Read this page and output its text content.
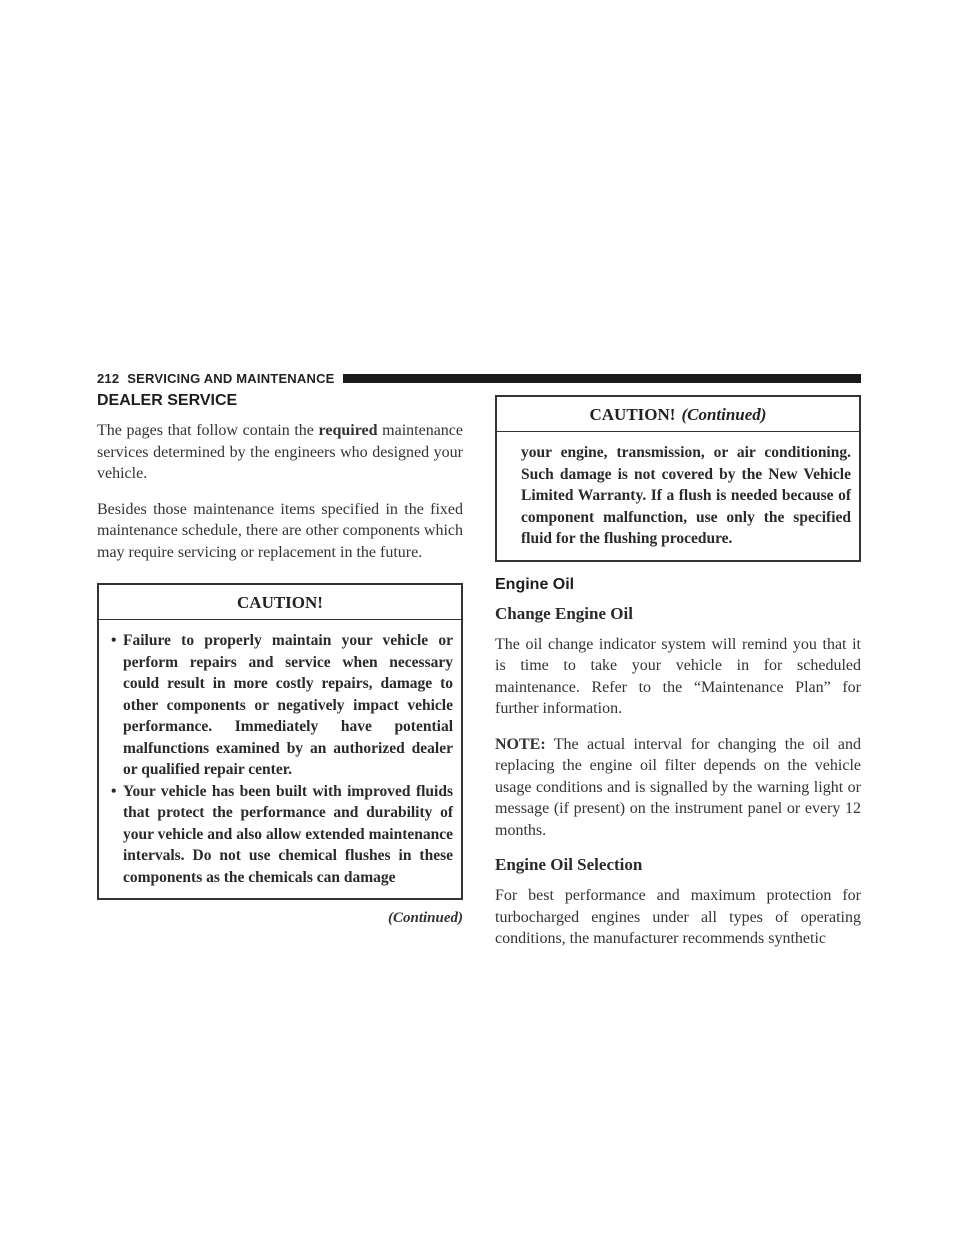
212 SERVICING AND MAINTENANCE
DEALER SERVICE

The pages that follow contain the required maintenance services determined by the engineers who designed your vehicle.

Besides those maintenance items specified in the fixed maintenance schedule, there are other components which may require servicing or replacement in the future.

CAUTION!
• Failure to properly maintain your vehicle or perform repairs and service when necessary could result in more costly repairs, damage to other components or negatively impact vehicle performance. Immediately have potential malfunctions examined by an authorized dealer or qualified repair center.
• Your vehicle has been built with improved fluids that protect the performance and durability of your vehicle and also allow extended maintenance intervals. Do not use chemical flushes in these components as the chemicals can damage
(Continued)
CAUTION! (Continued)
your engine, transmission, or air conditioning. Such damage is not covered by the New Vehicle Limited Warranty. If a flush is needed because of component malfunction, use only the specified fluid for the flushing procedure.
Engine Oil
Change Engine Oil

The oil change indicator system will remind you that it is time to take your vehicle in for scheduled maintenance. Refer to the “Maintenance Plan” for further information.

NOTE: The actual interval for changing the oil and replacing the engine oil filter depends on the vehicle usage conditions and is signalled by the warning light or message (if present) on the instrument panel or every 12 months.

Engine Oil Selection

For best performance and maximum protection for turbocharged engines under all types of operating conditions, the manufacturer recommends synthetic
